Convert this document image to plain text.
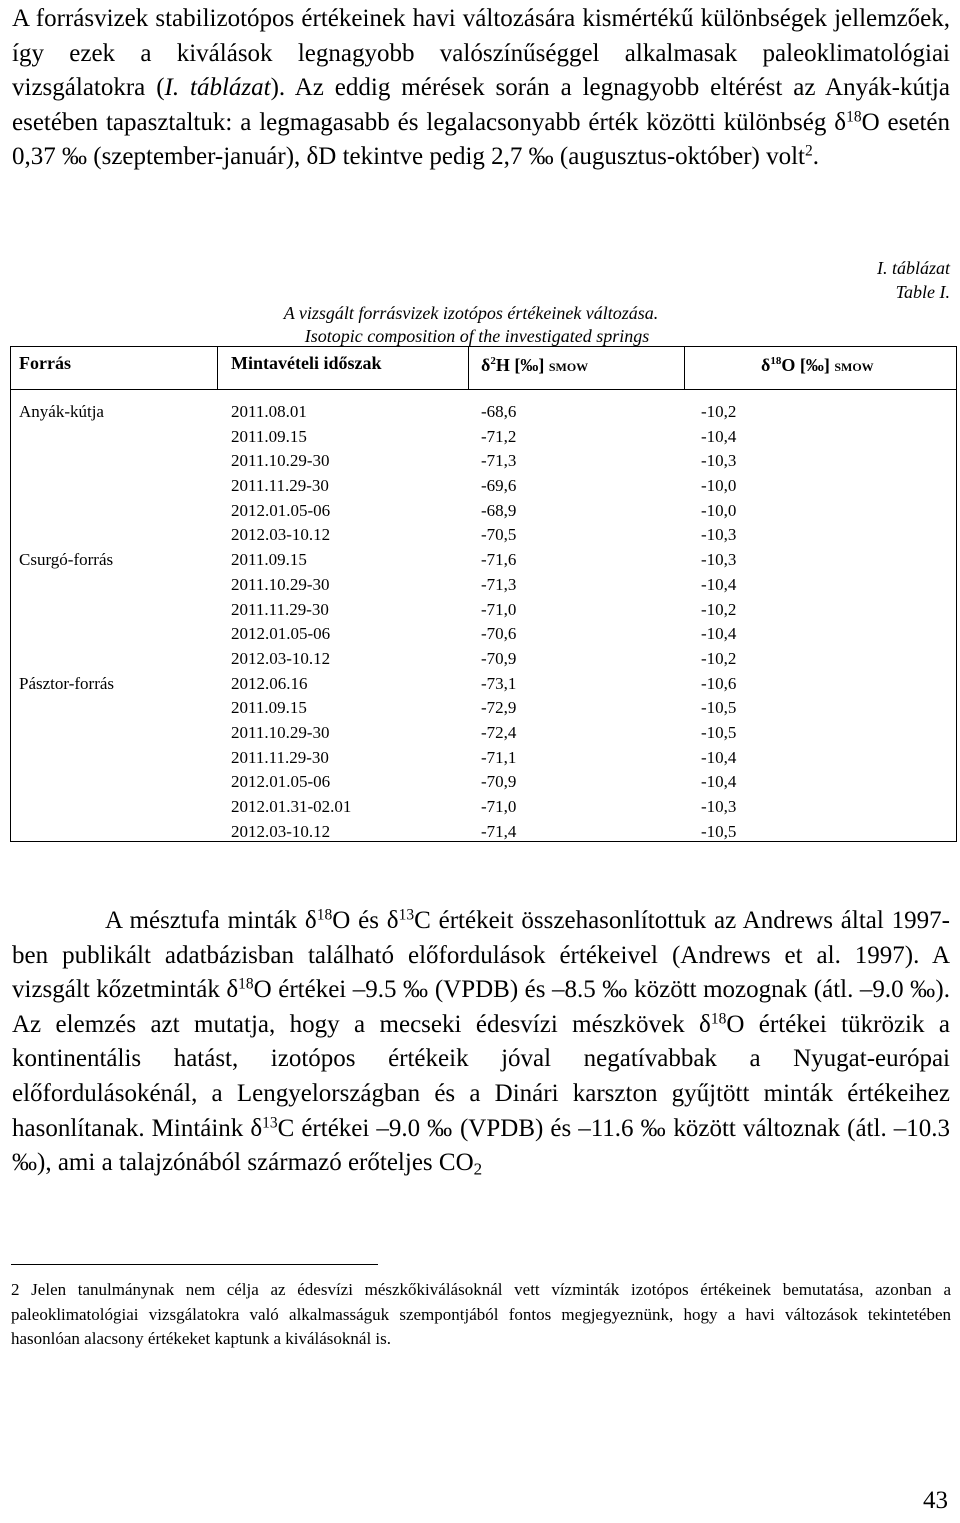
A forrásvizek stabilizotópos értékeinek havi változására kismértékű különbségek jellemzőek, így ezek a kiválások legnagyobb valószínűséggel alkalmasak paleoklimatológiai vizsgálatokra (I. táblázat). Az eddig mérések során a legnagyobb eltérést az Anyák-kútja esetében tapasztaltuk: a legmagasabb és legalacsonyabb érték közötti különbség $\delta^{18}O$ esetén 0,37 ‰ (szeptember-január), δD tekintve pedig 2,7 ‰ (augusztus-október) volt$^2$.
I. táblázat
Table I.
A vizsgált forrásvizek izotópos értékeinek változása.
Isotopic composition of the investigated springs
Forrás	Mintavételi időszak	$\delta^2H$ [‰] SMOW	$\delta^{18}O$ [‰] SMOW
Anyák-kútja	2011.08.01	-68,6	-10,2
2011.09.15	-71,2	-10,4
2011.10.29-30	-71,3	-10,3
2011.11.29-30	-69,6	-10,0
2012.01.05-06	-68,9	-10,0
2012.03-10.12	-70,5	-10,3
Csurgó-forrás	2011.09.15	-71,6	-10,3
2011.10.29-30	-71,3	-10,4
2011.11.29-30	-71,0	-10,2
2012.01.05-06	-70,6	-10,4
2012.03-10.12	-70,9	-10,2
Pásztor-forrás	2012.06.16	-73,1	-10,6
2011.09.15	-72,9	-10,5
2011.10.29-30	-72,4	-10,5
2011.11.29-30	-71,1	-10,4
2012.01.05-06	-70,9	-10,4
2012.01.31-02.01	-71,0	-10,3
2012.03-10.12	-71,4	-10,5
A mésztufa minták $\delta^{18}O$ és $\delta^{13}C$ értékeit összehasonlítottuk az Andrews által 1997-ben publikált adatbázisban található előfordulások értékeivel (Andrews et al. 1997). A vizsgált kőzetminták $\delta^{18}O$ értékei –9.5 ‰ (VPDB) és –8.5 ‰ között mozognak (átl. –9.0 ‰). Az elemzés azt mutatja, hogy a mecseki édesvízi mészkövek $\delta^{18}O$ értékei tükrözik a kontinentális hatást, izotópos értékeik jóval negatívabbak a Nyugat-európai előfordulásokénál, a Lengyelországban és a Dinári karszton gyűjtött minták értékeihez hasonlítanak. Mintáink $\delta^{13}C$ értékei –9.0 ‰ (VPDB) és –11.6 ‰ között változnak (átl. –10.3 ‰), ami a talajzónából származó erőteljes $CO_2$
2 Jelen tanulmánynak nem célja az édesvízi mészkőkiválásoknál vett vízminták izotópos értékeinek bemutatása, azonban a paleoklimatológiai vizsgálatokra való alkalmasságuk szempontjából fontos megjegyeznünk, hogy a havi változások tekintetében hasonlóan alacsony értékeket kaptunk a kiválásoknál is.
43
